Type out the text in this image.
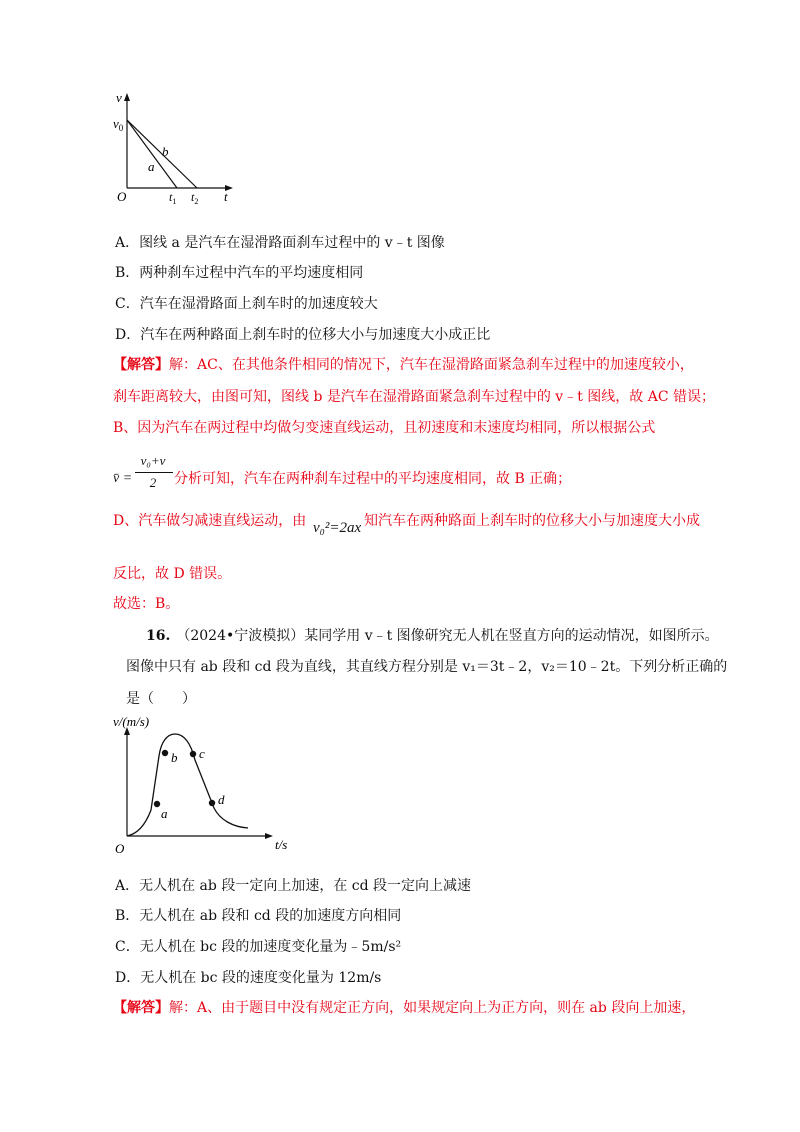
v
$v_0$
b
a
O	$t_1$ $t_2$ t
A．图线 a 是汽车在湿滑路面刹车过程中的 v﹣t 图像
B．两种刹车过程中汽车的平均速度相同
C．汽车在湿滑路面上刹车时的加速度较大
D．汽车在两种路面上刹车时的位移大小与加速度大小成正比
【解答】解：AC、在其他条件相同的情况下，汽车在湿滑路面紧急刹车过程中的加速度较小，
刹车距离较大，由图可知，图线 b 是汽车在湿滑路面紧急刹车过程中的 v﹣t 图线，故 AC 错误；
B、因为汽车在两过程中均做匀变速直线运动，且初速度和末速度均相同，所以根据公式
v̄ =
v₀+v
2	分析可知，汽车在两种刹车过程中的平均速度相同，故 B 正确；
D、汽车做匀减速直线运动，由 v₀²=2ax 知汽车在两种路面上刹车时的位移大小与加速度大小成
反比，故 D 错误。
故选：B。
16. （2024•宁波模拟）某同学用 v﹣t 图像研究无人机在竖直方向的运动情况，如图所示。
图像中只有 ab 段和 cd 段为直线，其直线方程分别是 v₁＝3t﹣2，v₂＝10﹣2t。下列分析正确的
是（　　）
v/(m/s)
a
b c
d
O	t/s
A．无人机在 ab 段一定向上加速，在 cd 段一定向上减速
B．无人机在 ab 段和 cd 段的加速度方向相同
C．无人机在 bc 段的加速度变化量为﹣5m/s²
D．无人机在 bc 段的速度变化量为 12m/s
【解答】解：A、由于题目中没有规定正方向，如果规定向上为正方向，则在 ab 段向上加速，
